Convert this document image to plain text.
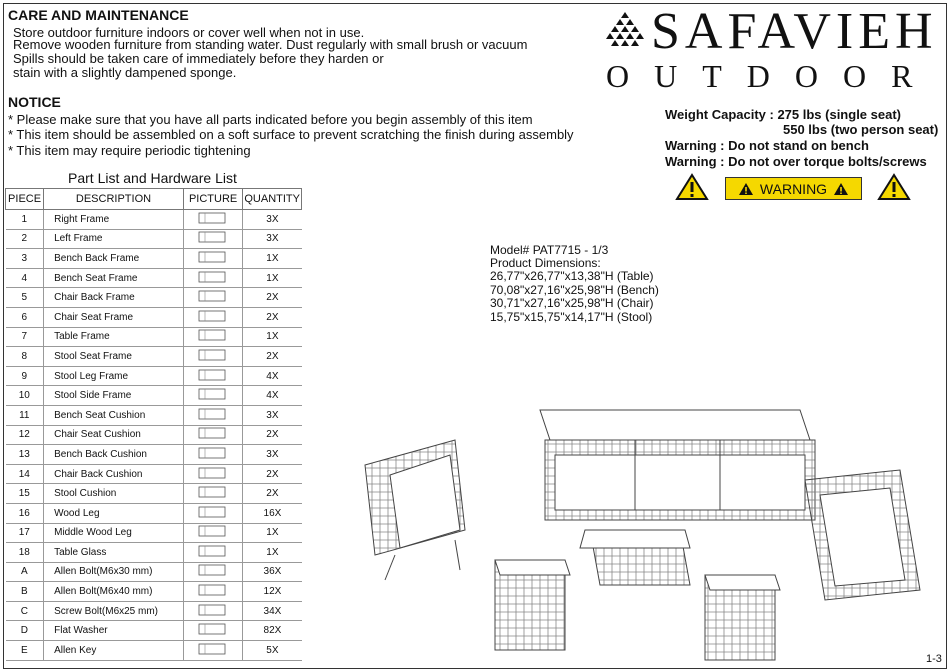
CARE AND MAINTENANCE
Store outdoor furniture indoors or cover well when not in use.
Remove wooden furniture from standing water. Dust regularly with small brush or vacuum
Spills should be taken care of immediately before they harden or
stain with a slightly dampened sponge.
NOTICE
* Please make sure that you have all parts indicated before you begin assembly of this item
* This item should be assembled on a soft surface to prevent scratching the finish during assembly
* This item may require periodic tightening
SAFAVIEH
OUTDOOR
Weight Capacity : 275 lbs (single seat)
550 lbs (two person seat)
Warning : Do not stand on bench
Warning : Do not over torque bolts/screws
WARNING
Model# PAT7715 - 1/3
Product Dimensions:
26,77"x26,77"x13,38"H (Table)
70,08"x27,16"x25,98"H (Bench)
30,71"x27,16"x25,98"H (Chair)
15,75"x15,75"x14,17"H (Stool)
Part List and Hardware List
PIECE	DESCRIPTION	PICTURE	QUANTITY
1	Right Frame		3X
2	Left Frame		3X
3	Bench Back Frame		1X
4	Bench Seat Frame		1X
5	Chair Back Frame		2X
6	Chair Seat Frame		2X
7	Table Frame		1X
8	Stool Seat Frame		2X
9	Stool Leg Frame		4X
10	Stool Side Frame		4X
11	Bench Seat Cushion		3X
12	Chair Seat Cushion		2X
13	Bench Back Cushion		3X
14	Chair Back Cushion		2X
15	Stool Cushion		2X
16	Wood Leg		16X
17	Middle Wood Leg		1X
18	Table Glass		1X
A	Allen Bolt(M6x30 mm)		36X
B	Allen Bolt(M6x40 mm)		12X
C	Screw Bolt(M6x25 mm)		34X
D	Flat Washer		82X
E	Allen Key		5X
1-3
